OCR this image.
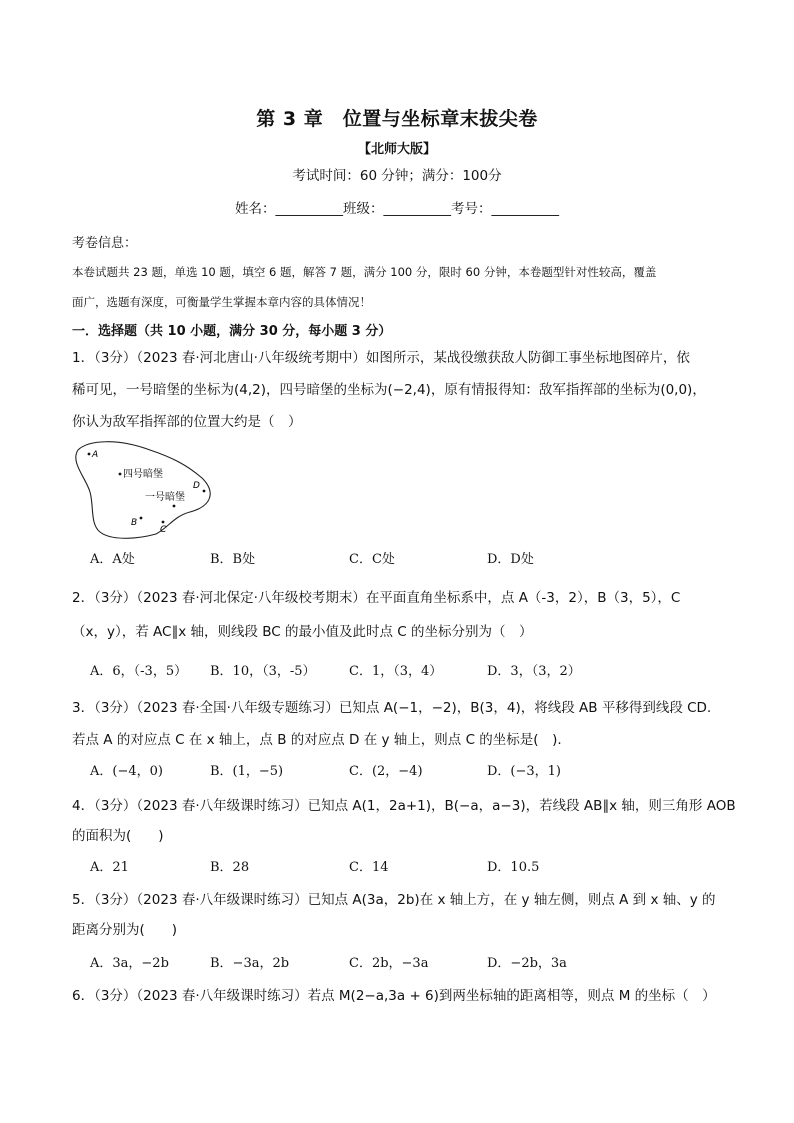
第 3 章　位置与坐标章末拔尖卷
【北师大版】
考试时间：60 分钟；满分：100分
姓名：__________班级：__________考号：__________
考卷信息：
本卷试题共 23 题，单选 10 题，填空 6 题，解答 7 题，满分 100 分，限时 60 分钟，本卷题型针对性较高，覆盖
面广，选题有深度，可衡量学生掌握本章内容的具体情况！
一．选择题（共 10 小题，满分 30 分，每小题 3 分）
1．（3分）（2023 春·河北唐山·八年级统考期中）如图所示，某战役缴获敌人防御工事坐标地图碎片，依
稀可见，一号暗堡的坐标为(4,2)，四号暗堡的坐标为(−2,4)，原有情报得知：敌军指挥部的坐标为(0,0)，
你认为敌军指挥部的位置大约是（　）
A
四号暗堡
D
一号暗堡
B
C
A．A处	B．B处	C．C处	D．D处
2．（3分）（2023 春·河北保定·八年级校考期末）在平面直角坐标系中，点 A（-3，2），B（3，5），C
（x，y），若 AC∥x 轴，则线段 BC 的最小值及此时点 C 的坐标分别为（　）
A．6，（-3，5） B．10，（3，-5）	C．1，（3，4）	D．3，（3，2）
3．（3分）（2023 春·全国·八年级专题练习）已知点 A(−1，−2)，B(3，4)，将线段 AB 平移得到线段 CD.
若点 A 的对应点 C 在 x 轴上，点 B 的对应点 D 在 y 轴上，则点 C 的坐标是(　).
A．(−4，0)	B．(1，−5)	C．(2，−4)	D．(−3，1)
4．（3分）（2023 春·八年级课时练习）已知点 A(1，2a+1)，B(−a，a−3)，若线段 AB∥x 轴，则三角形 AOB
的面积为(　　)
A．21	B．28	C．14	D．10.5
5．（3分）（2023 春·八年级课时练习）已知点 A(3a，2b)在 x 轴上方，在 y 轴左侧，则点 A 到 x 轴、y 的
距离分别为(　　)
A．3a，−2b	B．−3a，2b	C．2b，−3a	D．−2b，3a
6．（3分）（2023 春·八年级课时练习）若点 M(2−a,3a + 6)到两坐标轴的距离相等，则点 M 的坐标（　）
